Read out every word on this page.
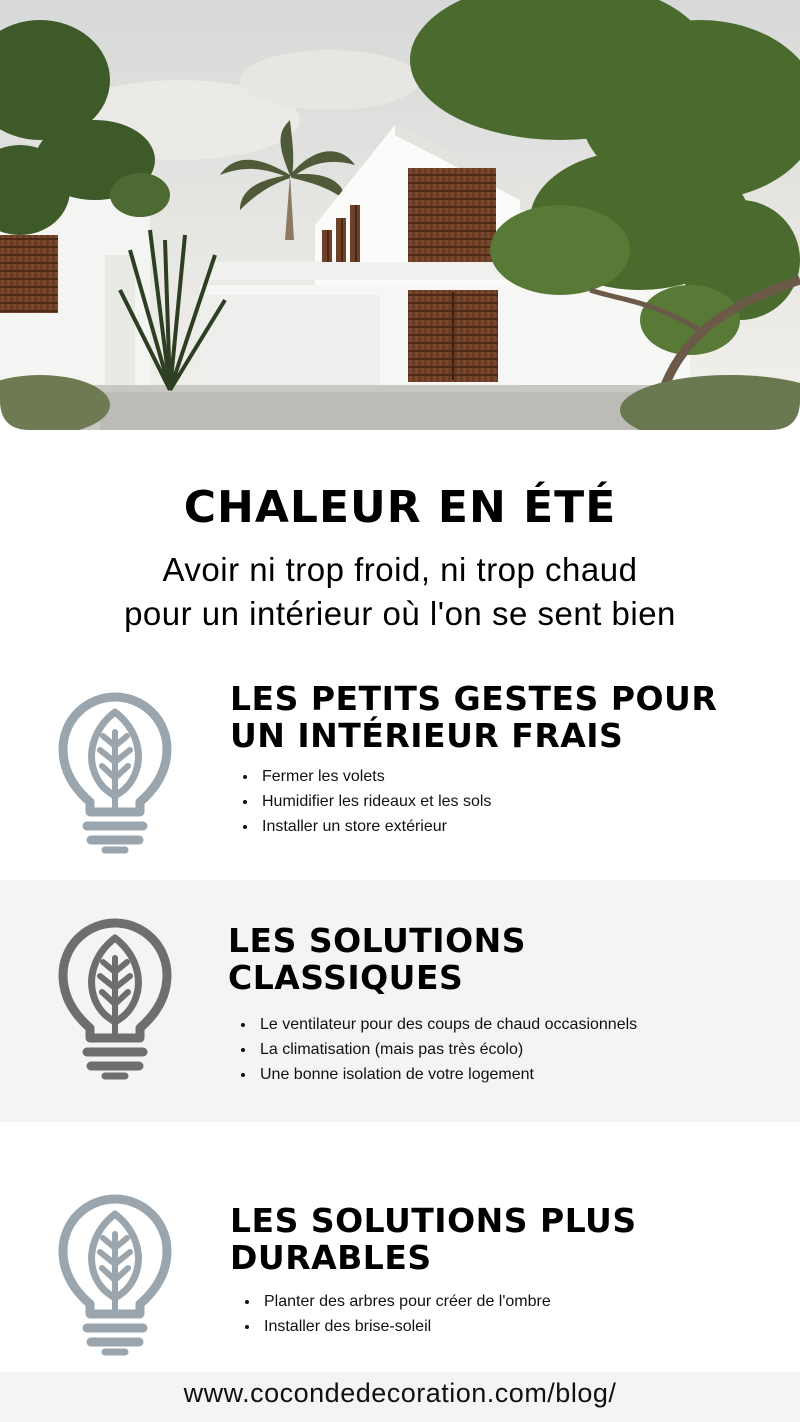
CHALEUR EN ÉTÉ
Avoir ni trop froid, ni trop chaud
pour un intérieur où l'on se sent bien
LES PETITS GESTES POUR
UN INTÉRIEUR FRAIS
• Fermer les volets
• Humidifier les rideaux et les sols
• Installer un store extérieur
LES SOLUTIONS
CLASSIQUES
• Le ventilateur pour des coups de chaud occasionnels
• La climatisation (mais pas très écolo)
• Une bonne isolation de votre logement
LES SOLUTIONS PLUS
DURABLES
• Planter des arbres pour créer de l'ombre
• Installer des brise-soleil
www.cocondedecoration.com/blog/
